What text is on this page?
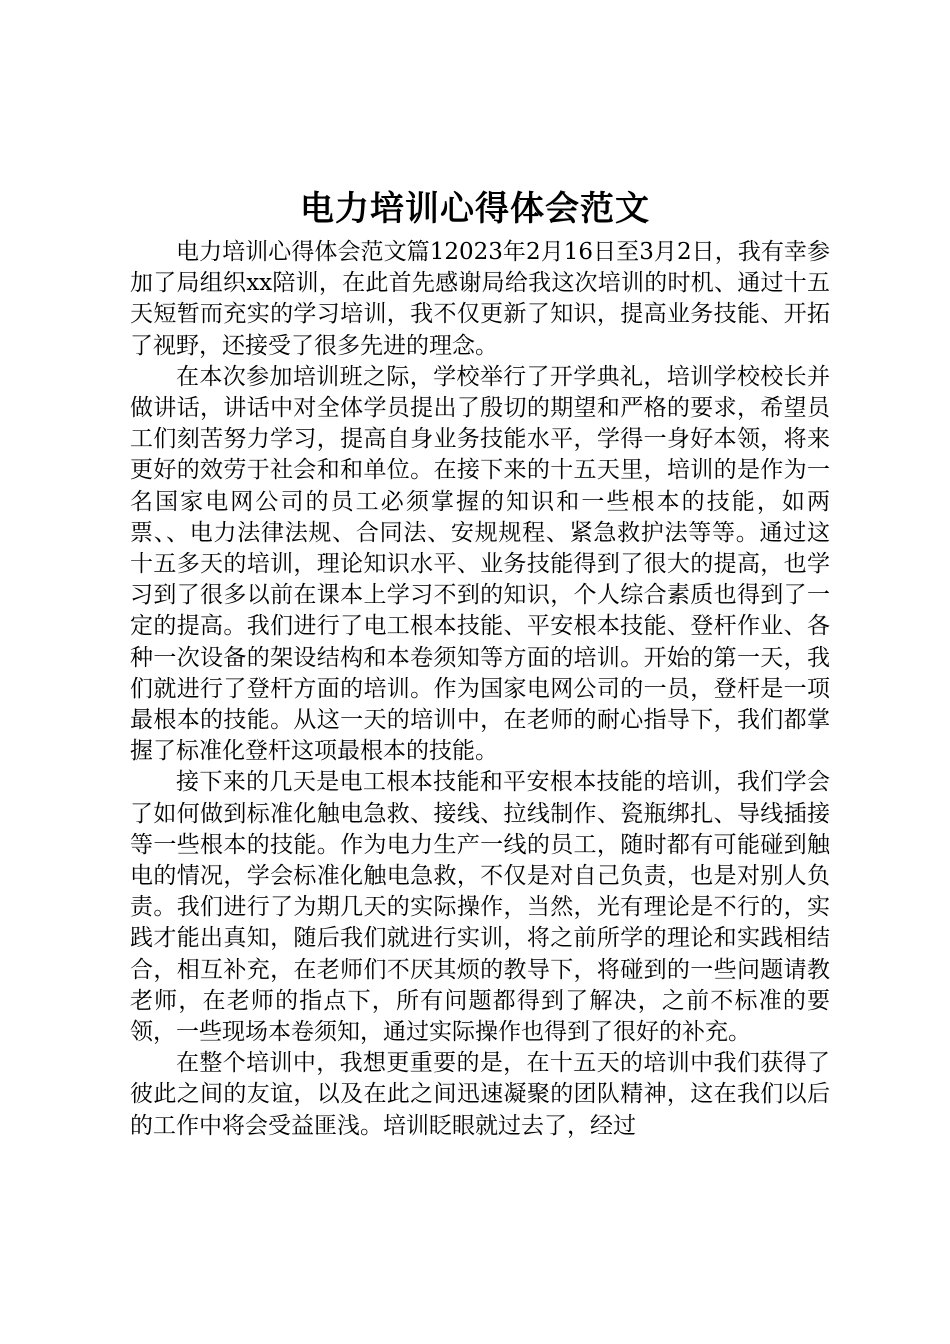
电力培训心得体会范文

电力培训心得体会范文篇12023年2月16日至3月2日，我有幸参加了局组织xx陪训，在此首先感谢局给我这次培训的时机、通过十五天短暂而充实的学习培训，我不仅更新了知识，提高业务技能、开拓了视野，还接受了很多先进的理念。

在本次参加培训班之际，学校举行了开学典礼，培训学校校长并做讲话，讲话中对全体学员提出了殷切的期望和严格的要求，希望员工们刻苦努力学习，提高自身业务技能水平，学得一身好本领，将来更好的效劳于社会和和单位。在接下来的十五天里，培训的是作为一名国家电网公司的员工必须掌握的知识和一些根本的技能，如两票、、电力法律法规、合同法、安规规程、紧急救护法等等。通过这十五多天的培训，理论知识水平、业务技能得到了很大的提高，也学习到了很多以前在课本上学习不到的知识，个人综合素质也得到了一定的提高。我们进行了电工根本技能、平安根本技能、登杆作业、各种一次设备的架设结构和本卷须知等方面的培训。开始的第一天，我们就进行了登杆方面的培训。作为国家电网公司的一员，登杆是一项最根本的技能。从这一天的培训中，在老师的耐心指导下，我们都掌握了标准化登杆这项最根本的技能。

接下来的几天是电工根本技能和平安根本技能的培训，我们学会了如何做到标准化触电急救、接线、拉线制作、瓷瓶绑扎、导线插接等一些根本的技能。作为电力生产一线的员工，随时都有可能碰到触电的情况，学会标准化触电急救，不仅是对自己负责，也是对别人负责。我们进行了为期几天的实际操作，当然，光有理论是不行的，实践才能出真知，随后我们就进行实训，将之前所学的理论和实践相结合，相互补充，在老师们不厌其烦的教导下，将碰到的一些问题请教老师，在老师的指点下，所有问题都得到了解决，之前不标准的要领，一些现场本卷须知，通过实际操作也得到了很好的补充。

在整个培训中，我想更重要的是，在十五天的培训中我们获得了彼此之间的友谊，以及在此之间迅速凝聚的团队精神，这在我们以后的工作中将会受益匪浅。培训眨眼就过去了，经过
